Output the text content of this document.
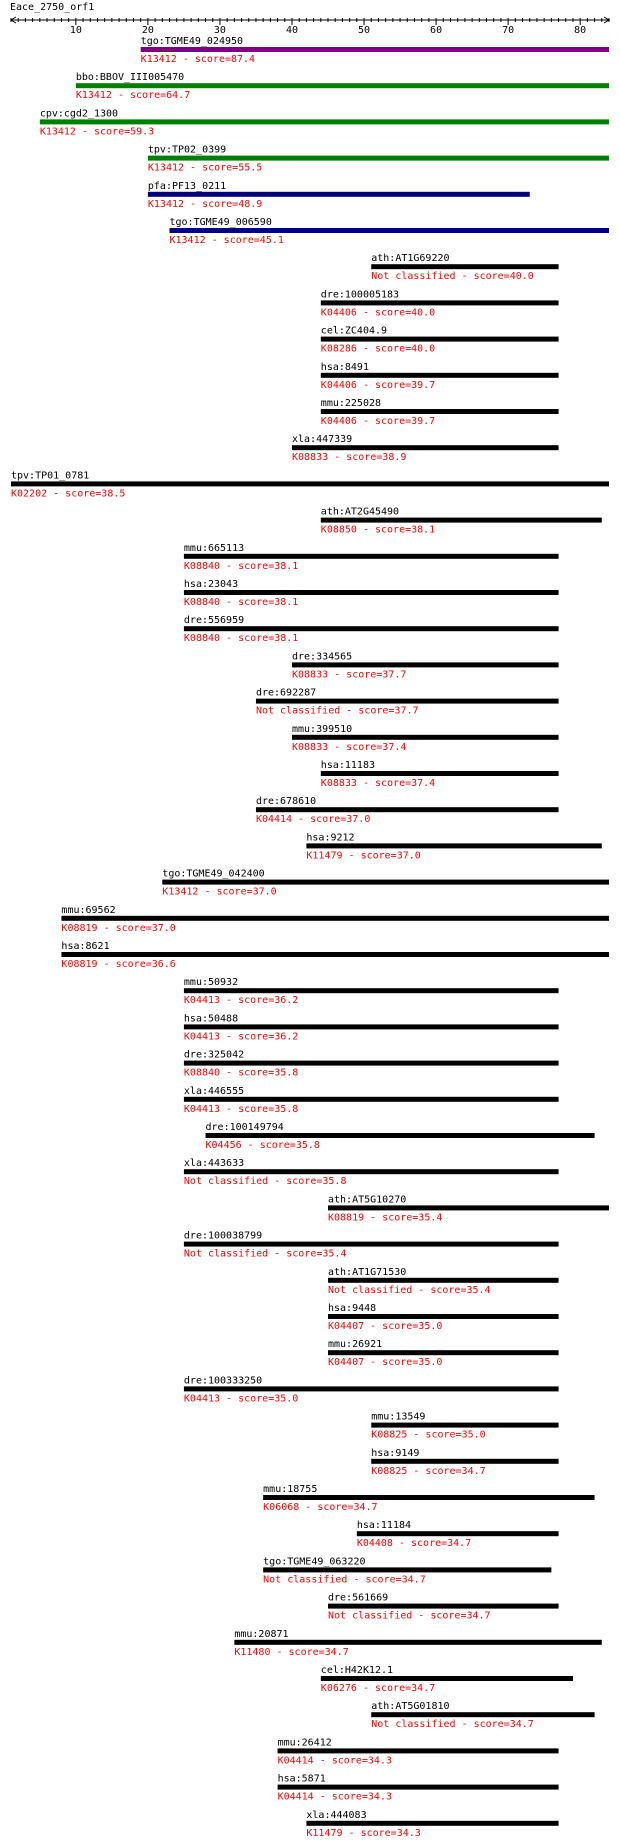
Eace_2750_orf1
10	20	30	40	50	60	70	80
tgo:TGME49_024950
K13412 - score=87.4
bbo:BBOV_III005470
K13412 - score=64.7
cpv:cgd2_1300
K13412 - score=59.3
tpv:TP02_0399
K13412 - score=55.5
pfa:PF13_0211
K13412 - score=48.9
tgo:TGME49_006590
K13412 - score=45.1
ath:AT1G69220
Not classified - score=40.0
dre:100005183
K04406 - score=40.0
cel:ZC404.9
K08286 - score=40.0
hsa:8491
K04406 - score=39.7
mmu:225028
K04406 - score=39.7
xla:447339
K08833 - score=38.9
tpv:TP01_0781
K02202 - score=38.5
ath:AT2G45490
K08850 - score=38.1
mmu:665113
K08840 - score=38.1
hsa:23043
K08840 - score=38.1
dre:556959
K08840 - score=38.1
dre:334565
K08833 - score=37.7
dre:692287
Not classified - score=37.7
mmu:399510
K08833 - score=37.4
hsa:11183
K08833 - score=37.4
dre:678610
K04414 - score=37.0
hsa:9212
K11479 - score=37.0
tgo:TGME49_042400
K13412 - score=37.0
mmu:69562
K08819 - score=37.0
hsa:8621
K08819 - score=36.6
mmu:50932
K04413 - score=36.2
hsa:50488
K04413 - score=36.2
dre:325042
K08840 - score=35.8
xla:446555
K04413 - score=35.8
dre:100149794
K04456 - score=35.8
xla:443633
Not classified - score=35.8
ath:AT5G10270
K08819 - score=35.4
dre:100038799
Not classified - score=35.4
ath:AT1G71530
Not classified - score=35.4
hsa:9448
K04407 - score=35.0
mmu:26921
K04407 - score=35.0
dre:100333250
K04413 - score=35.0
mmu:13549
K08825 - score=35.0
hsa:9149
K08825 - score=34.7
mmu:18755
K06068 - score=34.7
hsa:11184
K04408 - score=34.7
tgo:TGME49_063220
Not classified - score=34.7
dre:561669
Not classified - score=34.7
mmu:20871
K11480 - score=34.7
cel:H42K12.1
K06276 - score=34.7
ath:AT5G01810
Not classified - score=34.7
mmu:26412
K04414 - score=34.3
hsa:5871
K04414 - score=34.3
xla:444083
K11479 - score=34.3
